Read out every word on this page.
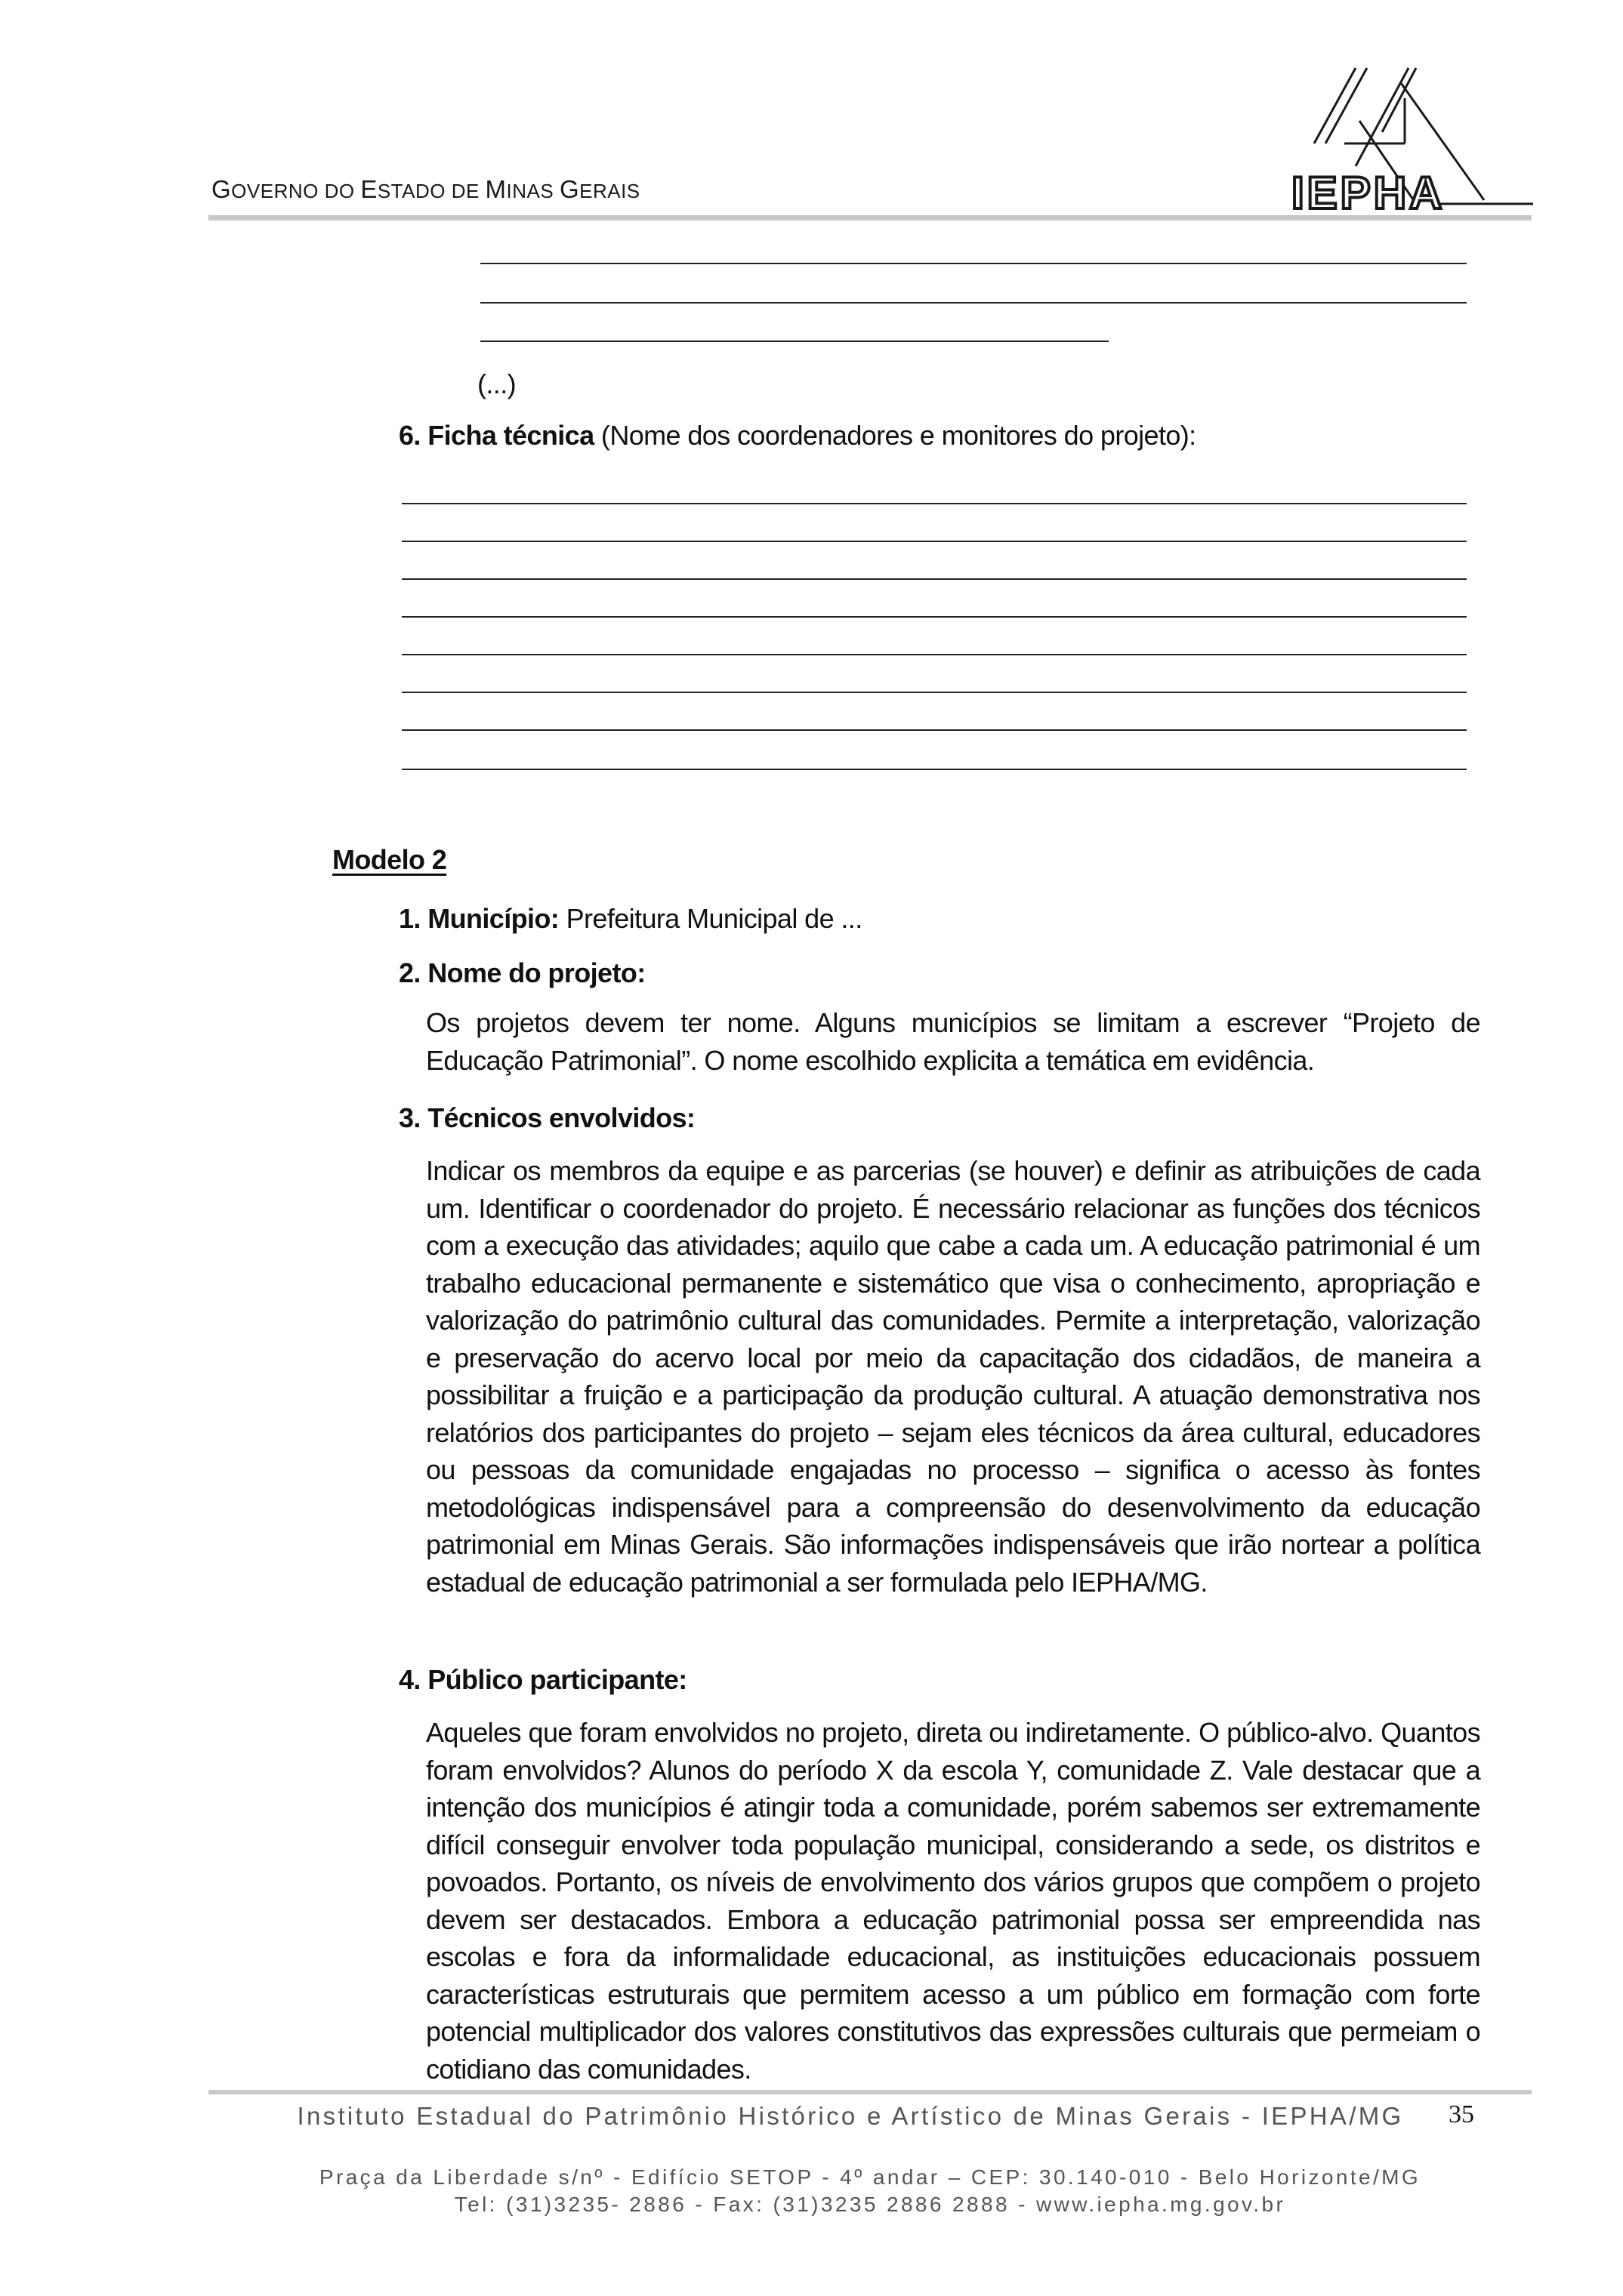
GOVERNO DO ESTADO DE MINAS GERAIS	IEPHA
(...)
6. Ficha técnica (Nome dos coordenadores e monitores do projeto):
Modelo 2
1. Município: Prefeitura Municipal de ...
2. Nome do projeto:
Os projetos devem ter nome. Alguns municípios se limitam a escrever “Projeto de Educação Patrimonial”. O nome escolhido explicita a temática em evidência.
3. Técnicos envolvidos:
Indicar os membros da equipe e as parcerias (se houver) e definir as atribuições de cada um. Identificar o coordenador do projeto. É necessário relacionar as funções dos técnicos com a execução das atividades; aquilo que cabe a cada um. A educação patrimonial é um trabalho educacional permanente e sistemático que visa o conhecimento, apropriação e valorização do patrimônio cultural das comunidades. Permite a interpretação, valorização e preservação do acervo local por meio da capacitação dos cidadãos, de maneira a possibilitar a fruição e a participação da produção cultural. A atuação demonstrativa nos relatórios dos participantes do projeto – sejam eles técnicos da área cultural, educadores ou pessoas da comunidade engajadas no processo – significa o acesso às fontes metodológicas indispensável para a compreensão do desenvolvimento da educação patrimonial em Minas Gerais. São informações indispensáveis que irão nortear a política estadual de educação patrimonial a ser formulada pelo IEPHA/MG.
4. Público participante:
Aqueles que foram envolvidos no projeto, direta ou indiretamente. O público-alvo. Quantos foram envolvidos? Alunos do período X da escola Y, comunidade Z. Vale destacar que a intenção dos municípios é atingir toda a comunidade, porém sabemos ser extremamente difícil conseguir envolver toda população municipal, considerando a sede, os distritos e povoados. Portanto, os níveis de envolvimento dos vários grupos que compõem o projeto devem ser destacados. Embora a educação patrimonial possa ser empreendida nas escolas e fora da informalidade educacional, as instituições educacionais possuem características estruturais que permitem acesso a um público em formação com forte potencial multiplicador dos valores constitutivos das expressões culturais que permeiam o cotidiano das comunidades.
Instituto Estadual do Patrimônio Histórico e Artístico de Minas Gerais - IEPHA/MG	35
Praça da Liberdade s/nº - Edifício SETOP - 4º andar – CEP: 30.140-010 - Belo Horizonte/MG
Tel: (31)3235- 2886 - Fax: (31)3235 2886 2888 - www.iepha.mg.gov.br
